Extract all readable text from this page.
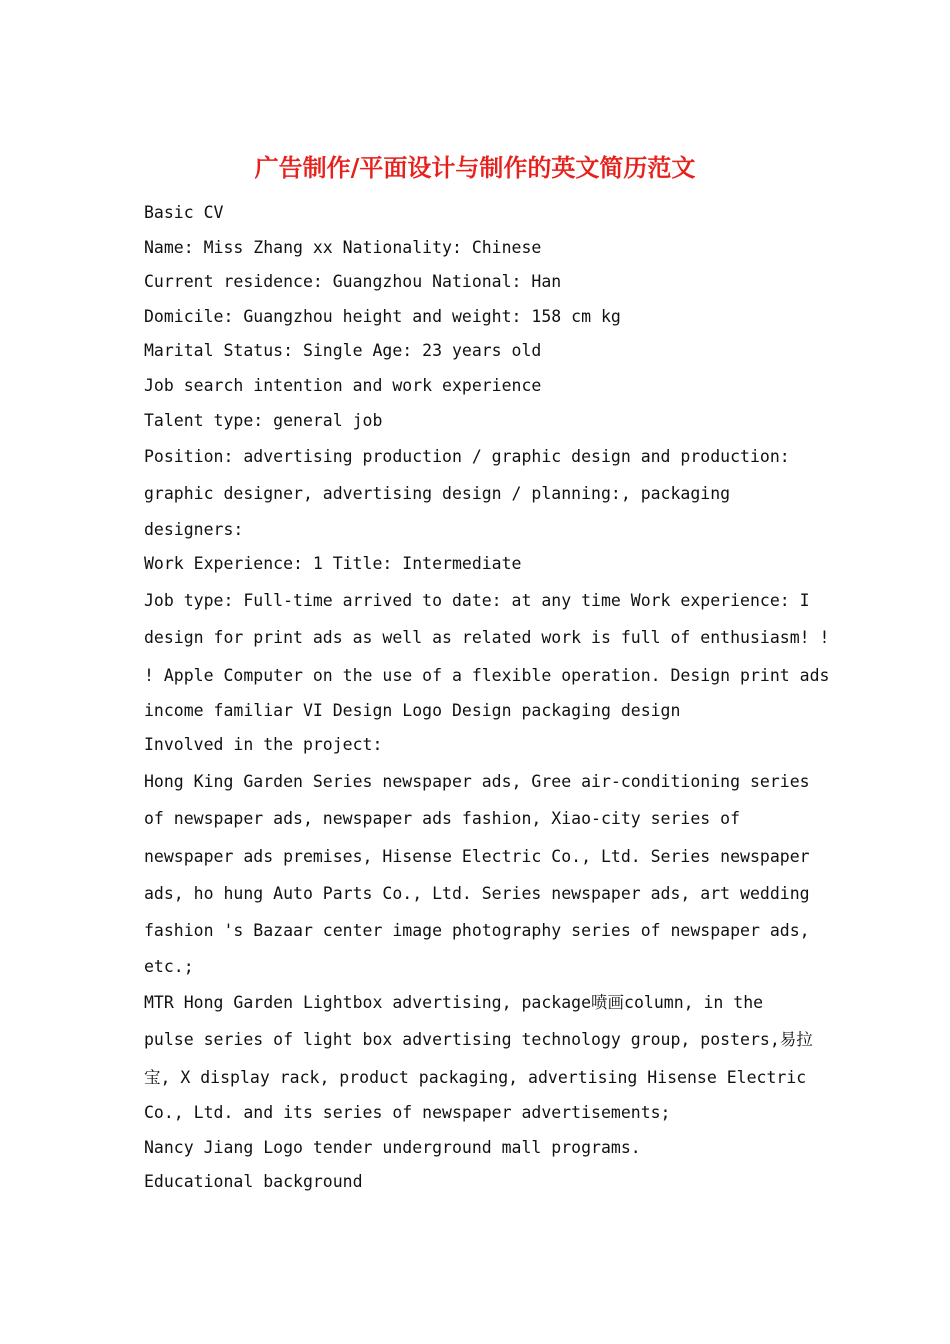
广告制作/平面设计与制作的英文简历范文

Basic CV

Name: Miss Zhang xx Nationality: Chinese

Current residence: Guangzhou National: Han

Domicile: Guangzhou height and weight: 158 cm kg

Marital Status: Single Age: 23 years old

Job search intention and work experience

Talent type: general job

Position: advertising production / graphic design and production:
graphic designer, advertising design / planning:, packaging
designers:

Work Experience: 1 Title: Intermediate

Job type: Full-time arrived to date: at any time Work experience: I
design for print ads as well as related work is full of enthusiasm! !
! Apple Computer on the use of a flexible operation. Design print ads
income familiar VI Design Logo Design packaging design

Involved in the project:

Hong King Garden Series newspaper ads, Gree air-conditioning series
of newspaper ads, newspaper ads fashion, Xiao-city series of
newspaper ads premises, Hisense Electric Co., Ltd. Series newspaper
ads, ho hung Auto Parts Co., Ltd. Series newspaper ads, art wedding
fashion 's Bazaar center image photography series of newspaper ads,
etc.;
MTR Hong Garden Lightbox advertising, package喷画column, in the
pulse series of light box advertising technology group, posters,易拉
宝, X display rack, product packaging, advertising Hisense Electric
Co., Ltd. and its series of newspaper advertisements;

Nancy Jiang Logo tender underground mall programs.

Educational background
